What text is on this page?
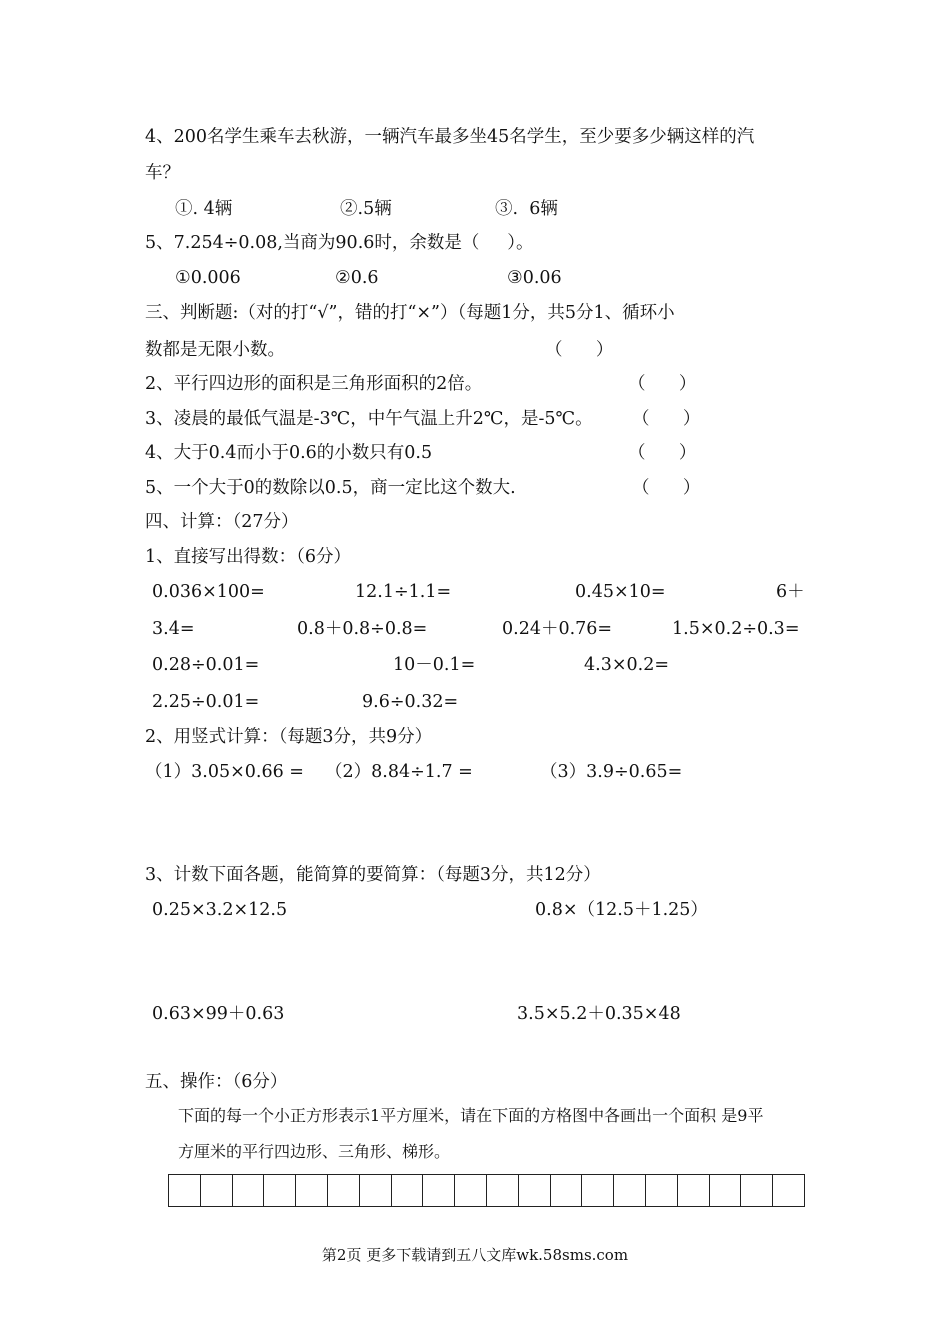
4、200名学生乘车去秋游，一辆汽车最多坐45名学生，至少要多少辆这样的汽
车？
①. 4辆	②.5辆	③.  6辆
5、7.254÷0.08,当商为90.6时，余数是（     ）。
①0.006	②0.6	③0.06
三、判断题:（对的打“√”，错的打“×”）（每题1分，共5分1、循环小
数都是无限小数。	（      ）
2、平行四边形的面积是三角形面积的2倍。	（      ）
3、凌晨的最低气温是-3℃，中午气温上升2℃，是-5℃。 （      ）
4、大于0.4而小于0.6的小数只有0.5	（      ）
5、一个大于0的数除以0.5，商一定比这个数大.	（      ）
四、计算：（27分）
1、直接写出得数：（6分）
0.036×100=	12.1÷1.1=	0.45×10=	6＋
3.4=	0.8＋0.8÷0.8=	0.24＋0.76=	1.5×0.2÷0.3=
0.28÷0.01=	10－0.1=	4.3×0.2=
2.25÷0.01=	9.6÷0.32=
2、用竖式计算：（每题3分，共9分）
（1）3.05×0.66 = （2）8.84÷1.7 =	（3）3.9÷0.65=
3、计数下面各题，能简算的要简算：（每题3分，共12分）
0.25×3.2×12.5	0.8×（12.5＋1.25）
0.63×99＋0.63	3.5×5.2＋0.35×48
五、操作：（6分）
下面的每一个小正方形表示1平方厘米，请在下面的方格图中各画出一个面积 是9平
方厘米的平行四边形、三角形、梯形。
第2页 更多下载请到五八文库wk.58sms.com
